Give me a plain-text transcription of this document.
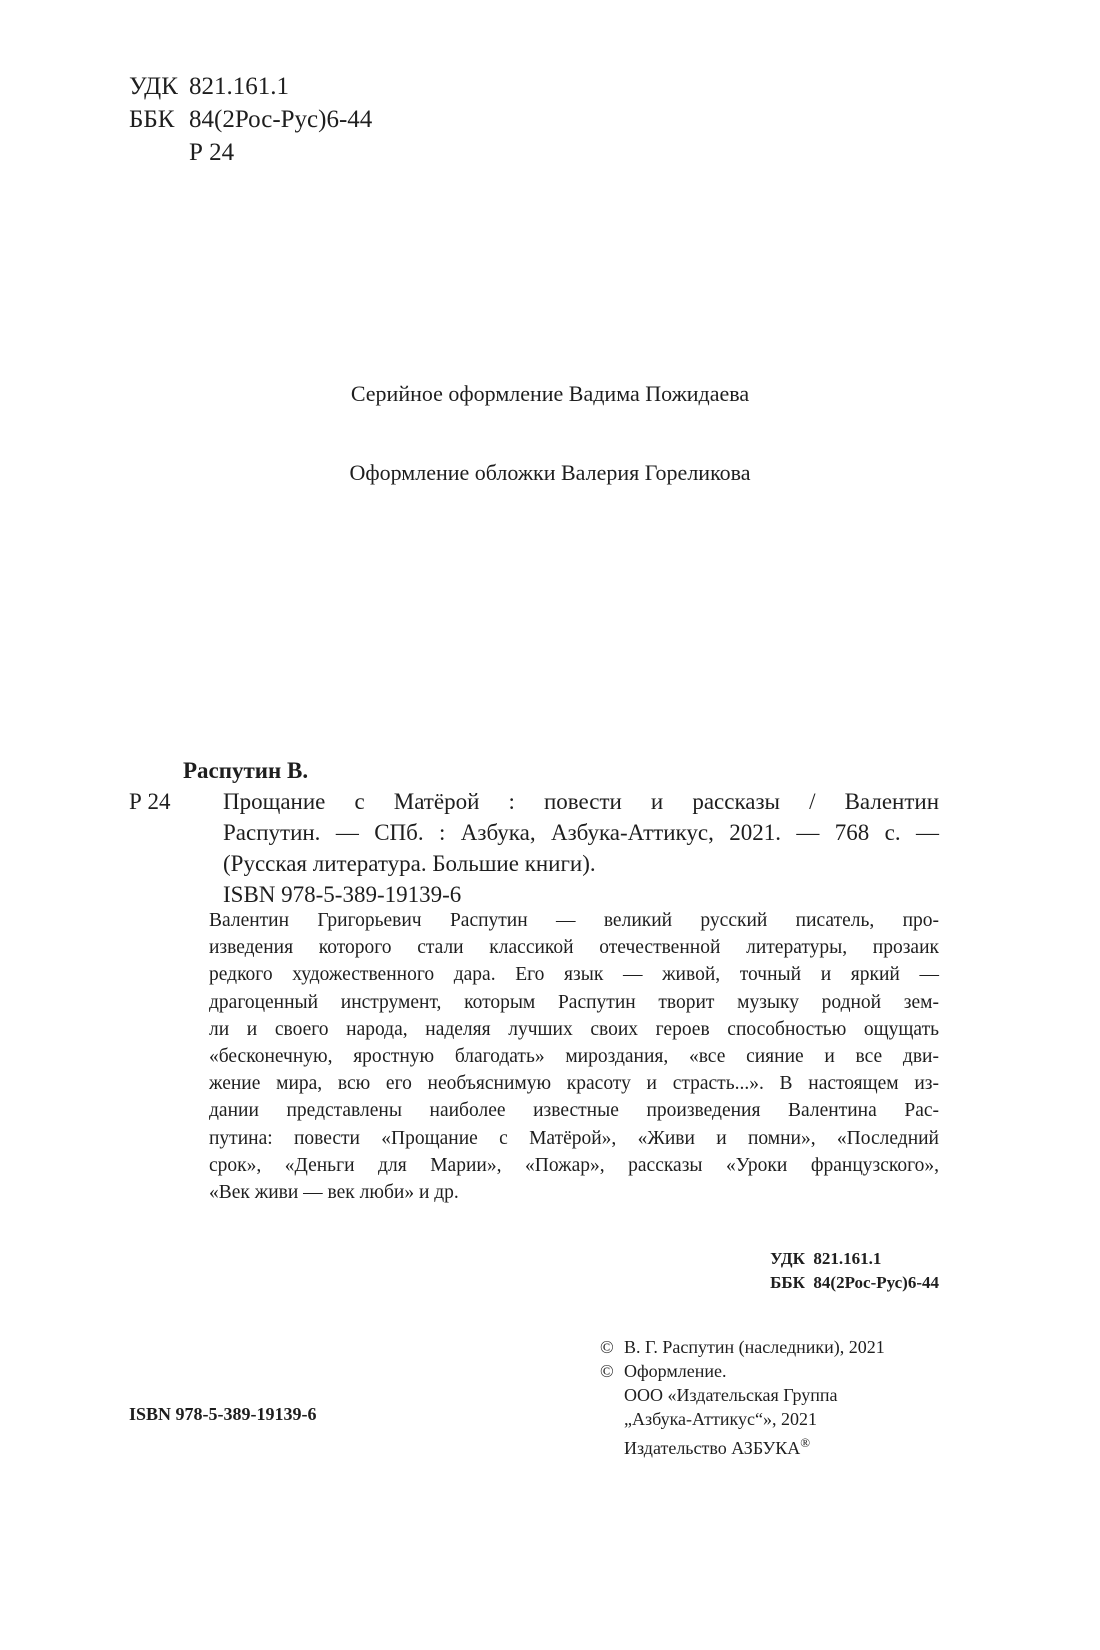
УДК 821.161.1
ББК 84(2Рос-Рус)6-44
Р 24
Серийное оформление Вадима Пожидаева
Оформление обложки Валерия Гореликова
Распутин В.
Р 24 Прощание с Матёрой : повести и рассказы / Валентин
Распутин. — СПб. : Азбука, Азбука-Аттикус, 2021. — 768 с. —
(Русская литература. Большие книги).
ISBN 978-5-389-19139-6
Валентин Григорьевич Распутин — великий русский писатель, про-
изведения которого стали классикой отечественной литературы, прозаик
редкого художественного дара. Его язык — живой, точный и яркий —
драгоценный инструмент, которым Распутин творит музыку родной зем-
ли и своего народа, наделяя лучших своих героев способностью ощущать
«бесконечную, яростную благодать» мироздания, «все сияние и все дви-
жение мира, всю его необъяснимую красоту и страсть...». В настоящем из-
дании представлены наиболее известные произведения Валентина Рас-
путина: повести «Прощание с Матёрой», «Живи и помни», «Последний
срок», «Деньги для Марии», «Пожар», рассказы «Уроки французского»,
«Век живи — век люби» и др.
УДК  821.161.1
ББК  84(2Рос-Рус)6-44
© В. Г. Распутин (наследники), 2021
© Оформление.
ООО «Издательская Группа
„Азбука-Аттикус“», 2021
Издательство АЗБУКА®
ISBN 978-5-389-19139-6
